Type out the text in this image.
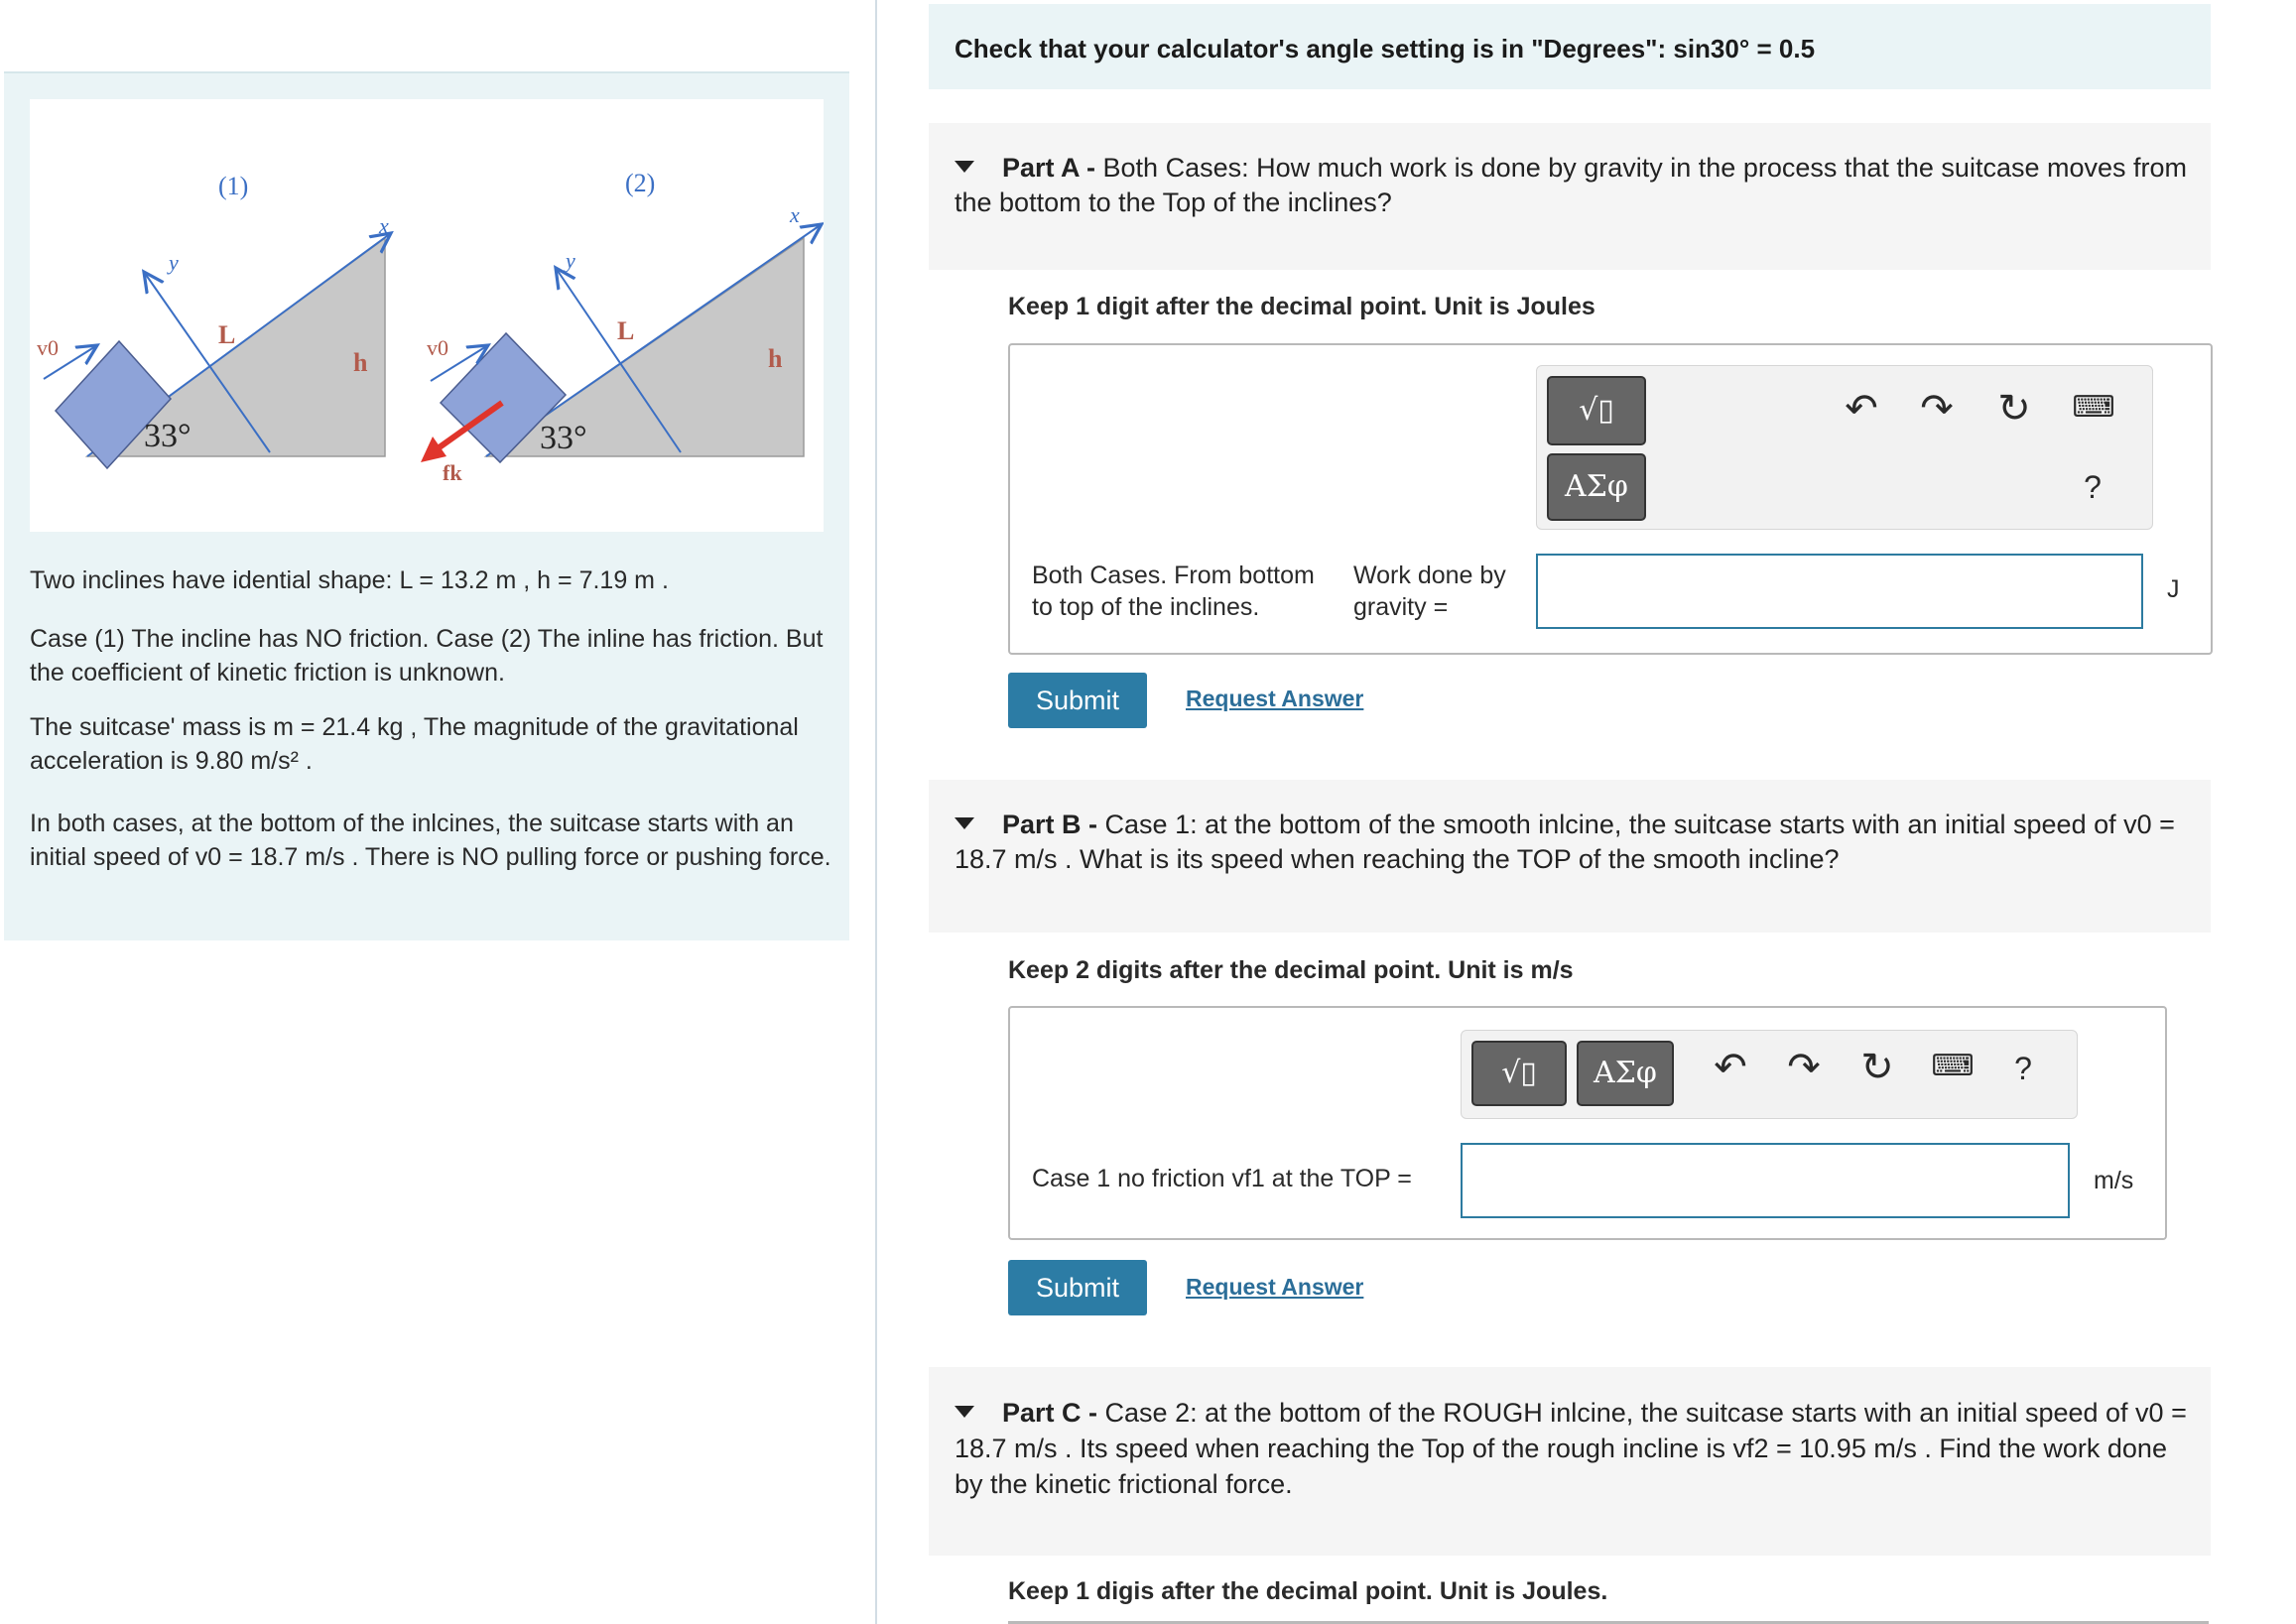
v0
(1)
x
y
L
h
33°
v0
fk
(2)
x
y
L
h
33°
Two inclines have idential shape: L = 13.2 m , h = 7.19 m .
Case (1) The incline has NO friction. Case (2) The inline has friction. But the coefficient of kinetic friction is unknown.
The suitcase' mass is m = 21.4 kg , The magnitude of the gravitational acceleration is 9.80 m/s² .
In both cases, at the bottom of the inlcines, the suitcase starts with an initial speed of v0 = 18.7 m/s . There is NO pulling force or pushing force.
Check that your calculator's angle setting is in "Degrees": sin30° = 0.5
Part A - Both Cases: How much work is done by gravity in the process that the suitcase moves from the bottom to the Top of the inclines?
Keep 1 digit after the decimal point. Unit is Joules
√▯
AΣφ
↶ ↷ ↻ ⌨
?
Both Cases. From bottom to top of the inclines.
Work done by gravity =
J
Submit	Request Answer
Part B - Case 1: at the bottom of the smooth inlcine, the suitcase starts with an initial speed of v0 = 18.7 m/s . What is its speed when reaching the TOP of the smooth incline?
Keep 2 digits after the decimal point. Unit is m/s
√▯	AΣφ	↶ ↷ ↻ ⌨	?
Case 1 no friction vf1 at the TOP =	m/s
Submit	Request Answer
Part C - Case 2: at the bottom of the ROUGH inlcine, the suitcase starts with an initial speed of v0 = 18.7 m/s . Its speed when reaching the Top of the rough incline is vf2 = 10.95 m/s . Find the work done by the kinetic frictional force.
Keep 1 digis after the decimal point. Unit is Joules.
